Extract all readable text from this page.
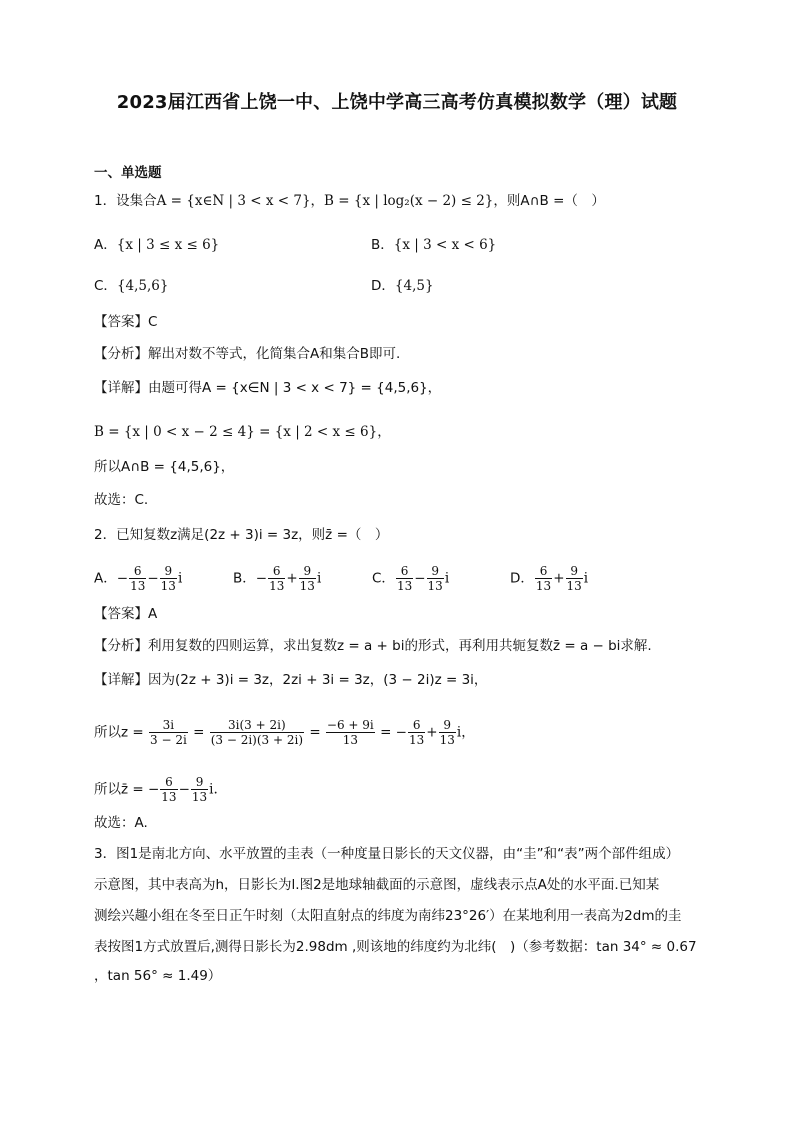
2023届江西省上饶一中、上饶中学高三高考仿真模拟数学（理）试题
一、单选题
1．设集合A = {x∈N | 3 < x < 7}，B = {x | log₂(x − 2) ≤ 2}，则A∩B =（　）
A．{x | 3 ≤ x ≤ 6}	B．{x | 3 < x < 6}
C．{4,5,6}	D．{4,5}
【答案】C
【分析】解出对数不等式，化简集合A和集合B即可.
【详解】由题可得A = {x∈N | 3 < x < 7} = {4,5,6}，
B = {x | 0 < x − 2 ≤ 4} = {x | 2 < x ≤ 6}，
所以A∩B = {4,5,6}，
故选：C.
2．已知复数z满足(2z + 3)i = 3z，则z̄ =（　）
A．− $\frac{6}{13} - \frac{9}{13}$ i	B．− $\frac{6}{13} + \frac{9}{13}$ i	C． $\frac{6}{13} - \frac{9}{13}$ i	D． $\frac{6}{13} + \frac{9}{13}$ i
【答案】A
【分析】利用复数的四则运算，求出复数z = a + bi的形式，再利用共轭复数z̄ = a − bi求解.
【详解】因为(2z + 3)i = 3z，2zi + 3i = 3z，(3 − 2i)z = 3i，
所以$z = \frac{3i}{3 - 2i} = \frac{3i(3 + 2i)}{(3 - 2i)(3 + 2i)} = \frac{-6 + 9i}{13}$ = − $\frac{6}{13} + \frac{9}{13}$ i，
所以z̄ = − $\frac{6}{13} - \frac{9}{13} i$.
故选：A.
3．图1是南北方向、水平放置的圭表（一种度量日影长的天文仪器，由“圭”和“表”两个部件组成）
示意图，其中表高为h，日影长为l.图2是地球轴截面的示意图，虚线表示点A处的水平面.已知某
测绘兴趣小组在冬至日正午时刻（太阳直射点的纬度为南纬23°26′）在某地利用一表高为2dm的圭
表按图1方式放置后,测得日影长为2.98dm ,则该地的纬度约为北纬(　)（参考数据：tan 34° ≈ 0.67
，tan 56° ≈ 1.49）
